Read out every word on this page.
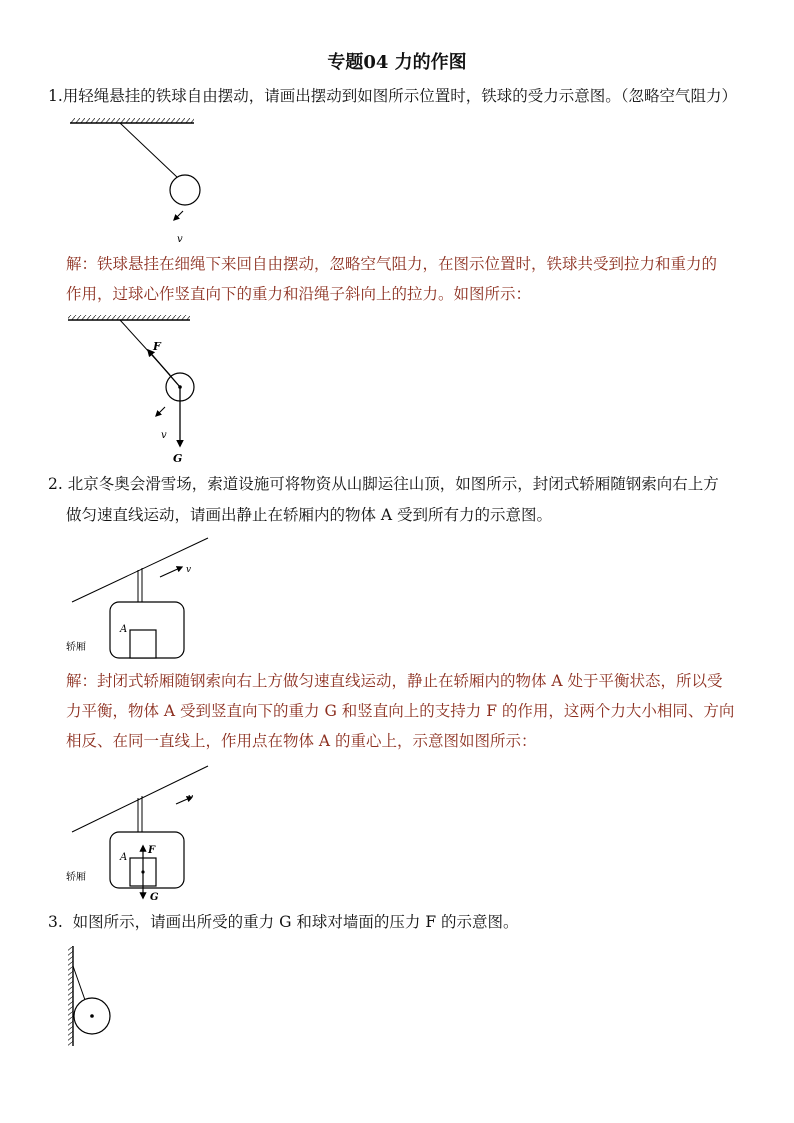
专题04 力的作图
1.用轻绳悬挂的铁球自由摆动，请画出摆动到如图所示位置时，铁球的受力示意图。（忽略空气阻力）
v

解：铁球悬挂在细绳下来回自由摆动，忽略空气阻力，在图示位置时，铁球共受到拉力和重力的

作用，过球心作竖直向下的重力和沿绳子斜向上的拉力。如图所示：

F
G
v

2. 北京冬奥会滑雪场，索道设施可将物资从山脚运往山顶，如图所示，封闭式轿厢随钢索向右上方

做匀速直线运动，请画出静止在轿厢内的物体 A 受到所有力的示意图。

A
v
轿厢

解：封闭式轿厢随钢索向右上方做匀速直线运动，静止在轿厢内的物体 A 处于平衡状态，所以受

力平衡，物体 A 受到竖直向下的重力 G 和竖直向上的支持力 F 的作用，这两个力大小相同、方向

相反、在同一直线上，作用点在物体 A 的重心上，示意图如图所示：

A
F
G
v
轿厢
3. 如图所示，请画出所受的重力 G 和球对墙面的压力 F 的示意图。
